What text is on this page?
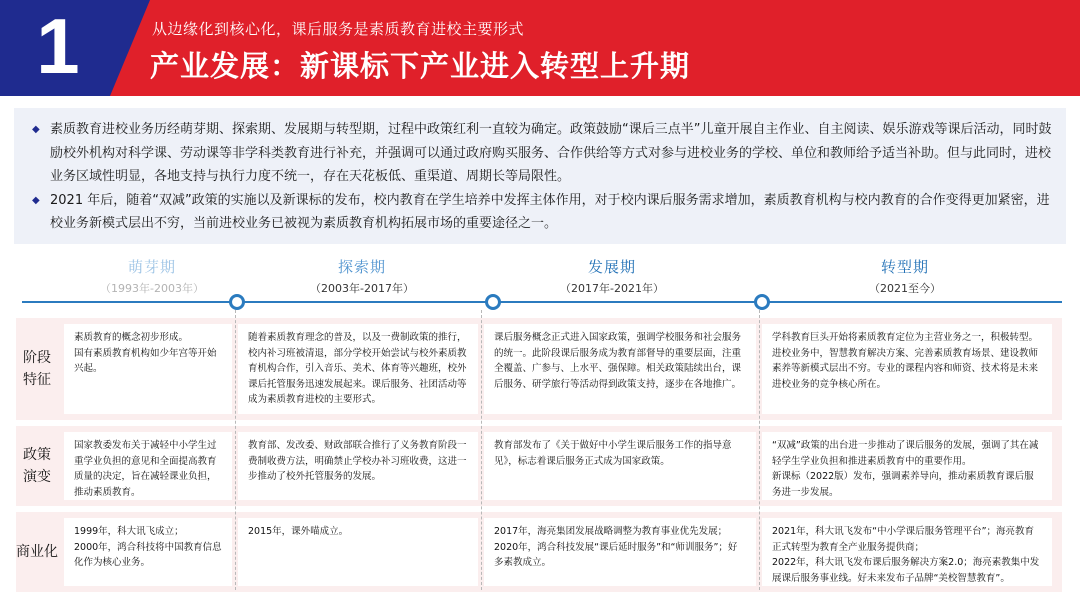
1	从边缘化到核心化，课后服务是素质教育进校主要形式
产业发展：新课标下产业进入转型上升期

◆ 素质教育进校业务历经萌芽期、探索期、发展期与转型期，过程中政策红利一直较为确定。政策鼓励“课后三点半”儿童开展自主作业、自主阅读、娱乐游戏等课后活动，同时鼓励校外机构对科学课、劳动课等非学科类教育进行补充，并强调可以通过政府购买服务、合作供给等方式对参与进校业务的学校、单位和教师给予适当补助。但与此同时，进校业务区域性明显，各地支持与执行力度不统一，存在天花板低、重渠道、周期长等局限性。

◆ 2021 年后，随着“双减”政策的实施以及新课标的发布，校内教育在学生培养中发挥主体作用，对于校内课后服务需求增加，素质教育机构与校内教育的合作变得更加紧密，进校业务新模式层出不穷，当前进校业务已被视为素质教育机构拓展市场的重要途径之一。

萌芽期
（1993年-2003年）
探索期
（2003年-2017年）
发展期
（2017年-2021年）
转型期
（2021至今）
阶段特征
素质教育的概念初步形成。
国有素质教育机构如少年宫等开始兴起。
随着素质教育理念的普及，以及一费制政策的推行，校内补习班被清退，部分学校开始尝试与校外素质教育机构合作，引入音乐、美术、体育等兴趣班，校外课后托管服务迅速发展起来。课后服务、社团活动等成为素质教育进校的主要形式。
课后服务概念正式进入国家政策，强调学校服务和社会服务的统一。此阶段课后服务成为教育部督导的重要层面，注重全覆盖、广参与、上水平、强保障。相关政策陆续出台，课后服务、研学旅行等活动得到政策支持，逐步在各地推广。
学科教育巨头开始将素质教育定位为主营业务之一，积极转型。
进校业务中，智慧教育解决方案、完善素质教育场景、建设教师素养等新模式层出不穷。专业的课程内容和师资、技术将是未来进校业务的竞争核心所在。
政策演变
国家教委发布关于减轻中小学生过重学业负担的意见和全面提高教育质量的决定，旨在减轻课业负担，推动素质教育。
教育部、发改委、财政部联合推行了义务教育阶段一费制收费方法，明确禁止学校办补习班收费，这进一步推动了校外托管服务的发展。
教育部发布了《关于做好中小学生课后服务工作的指导意见》，标志着课后服务正式成为国家政策。
“双减”政策的出台进一步推动了课后服务的发展，强调了其在减轻学生学业负担和推进素质教育中的重要作用。
新课标（2022版）发布，强调素养导向，推动素质教育课后服务进一步发展。
商业化
1999年，科大讯飞成立；
2000年，鸿合科技将中国教育信息化作为核心业务。
2015年，课外喵成立。	2017年，海亮集团发展战略调整为教育事业优先发展；
2020年，鸿合科技发展“课后延时服务”和“师训服务”；好多素教成立。
2021年，科大讯飞发布“中小学课后服务管理平台”；海亮教育正式转型为教育全产业服务提供商；
2022年，科大讯飞发布课后服务解决方案2.0；海亮素教集中发展课后服务事业线。好未来发布子品牌“美校智慧教育”。
